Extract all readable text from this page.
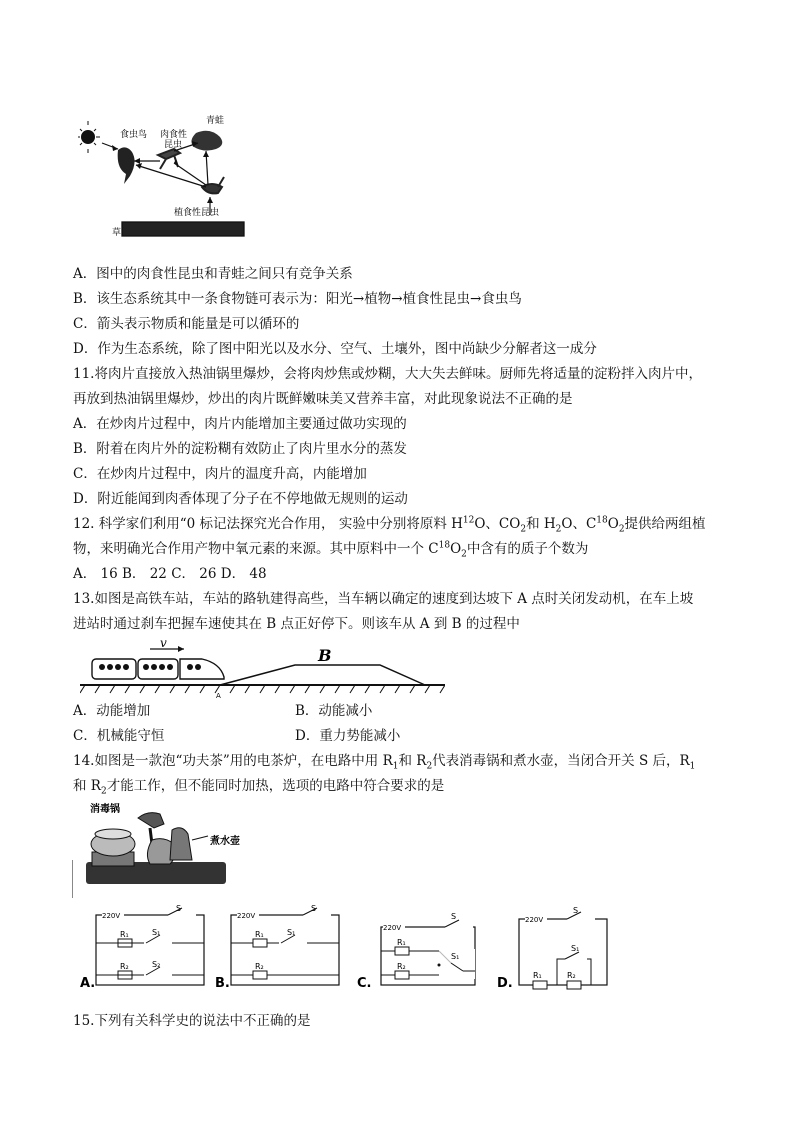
食虫鸟 肉食性
昆虫
青蛙
植食性昆虫
草
A．图中的肉食性昆虫和青蛙之间只有竞争关系
B．该生态系统其中一条食物链可表示为：阳光→植物→植食性昆虫→食虫鸟
C．箭头表示物质和能量是可以循环的
D．作为生态系统，除了图中阳光以及水分、空气、土壤外，图中尚缺少分解者这一成分
11.将肉片直接放入热油锅里爆炒，会将肉炒焦或炒糊，大大失去鲜味。厨师先将适量的淀粉拌入肉片中，
再放到热油锅里爆炒，炒出的肉片既鲜嫩味美又营养丰富，对此现象说法不正确的是
A．在炒肉片过程中，肉片内能增加主要通过做功实现的
B．附着在肉片外的淀粉糊有效防止了肉片里水分的蒸发
C．在炒肉片过程中，肉片的温度升高，内能增加
D．附近能闻到肉香体现了分子在不停地做无规则的运动
12. 科学家们利用“0 标记法探究光合作用， 实验中分别将原料 $H^{12}O$、$CO_2$和 $H_2O$、$C^{18}O_2$提供给两组植
物，来明确光合作用产物中氧元素的来源。其中原料中一个 $C^{18}O_2$中含有的质子个数为
A． 16 B． 22 C． 26 D． 48
13.如图是高铁车站，车站的路轨建得高些，当车辆以确定的速度到达坡下 A 点时关闭发动机，在车上坡
进站时通过刹车把握车速使其在 B 点正好停下。则该车从 A 到 B 的过程中
v
B
A
A．动能增加	B．动能减小
C．机械能守恒	D．重力势能减小
14.如图是一款泡“功夫茶”用的电茶炉，在电路中用 $R_1$和 $R_2$代表消毒锅和煮水壶，当闭合开关 S 后，$R_1$
和 $R_2$才能工作，但不能同时加热，选项的电路中符合要求的是
消毒锅
煮水壶
220V
S
R₁	S₁
R₂	S₂
A.
220V
S
R₁	S₁
R₂
B.
220V
S
R₁
R₂
S₁
C.
220V
S
S₁
R₁	R₂
D.
15.下列有关科学史的说法中不正确的是
